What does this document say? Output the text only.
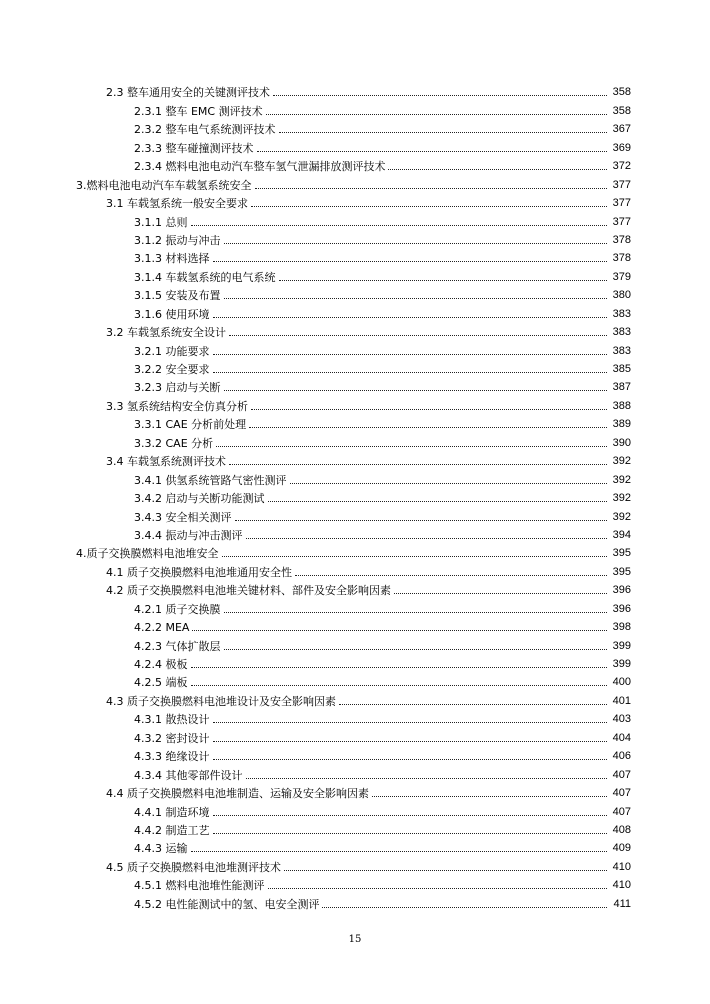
2.3 整车通用安全的关键测评技术	358
2.3.1 整车 EMC 测评技术	358
2.3.2 整车电气系统测评技术	367
2.3.3 整车碰撞测评技术	369
2.3.4 燃料电池电动汽车整车氢气泄漏排放测评技术	372
3.燃料电池电动汽车车载氢系统安全	377
3.1 车载氢系统一般安全要求	377
3.1.1 总则	377
3.1.2 振动与冲击	378
3.1.3 材料选择	378
3.1.4 车载氢系统的电气系统	379
3.1.5 安装及布置	380
3.1.6 使用环境	383
3.2 车载氢系统安全设计	383
3.2.1 功能要求	383
3.2.2 安全要求	385
3.2.3 启动与关断	387
3.3 氢系统结构安全仿真分析	388
3.3.1 CAE 分析前处理	389
3.3.2 CAE 分析	390
3.4 车载氢系统测评技术	392
3.4.1 供氢系统管路气密性测评	392
3.4.2 启动与关断功能测试	392
3.4.3 安全相关测评	392
3.4.4 振动与冲击测评	394
4.质子交换膜燃料电池堆安全	395
4.1 质子交换膜燃料电池堆通用安全性	395
4.2 质子交换膜燃料电池堆关键材料、部件及安全影响因素	396
4.2.1 质子交换膜	396
4.2.2 MEA	398
4.2.3 气体扩散层	399
4.2.4 极板	399
4.2.5 端板	400
4.3 质子交换膜燃料电池堆设计及安全影响因素	401
4.3.1 散热设计	403
4.3.2 密封设计	404
4.3.3 绝缘设计	406
4.3.4 其他零部件设计	407
4.4 质子交换膜燃料电池堆制造、运输及安全影响因素	407
4.4.1 制造环境	407
4.4.2 制造工艺	408
4.4.3 运输	409
4.5 质子交换膜燃料电池堆测评技术	410
4.5.1 燃料电池堆性能测评	410
4.5.2 电性能测试中的氢、电安全测评	411
15
